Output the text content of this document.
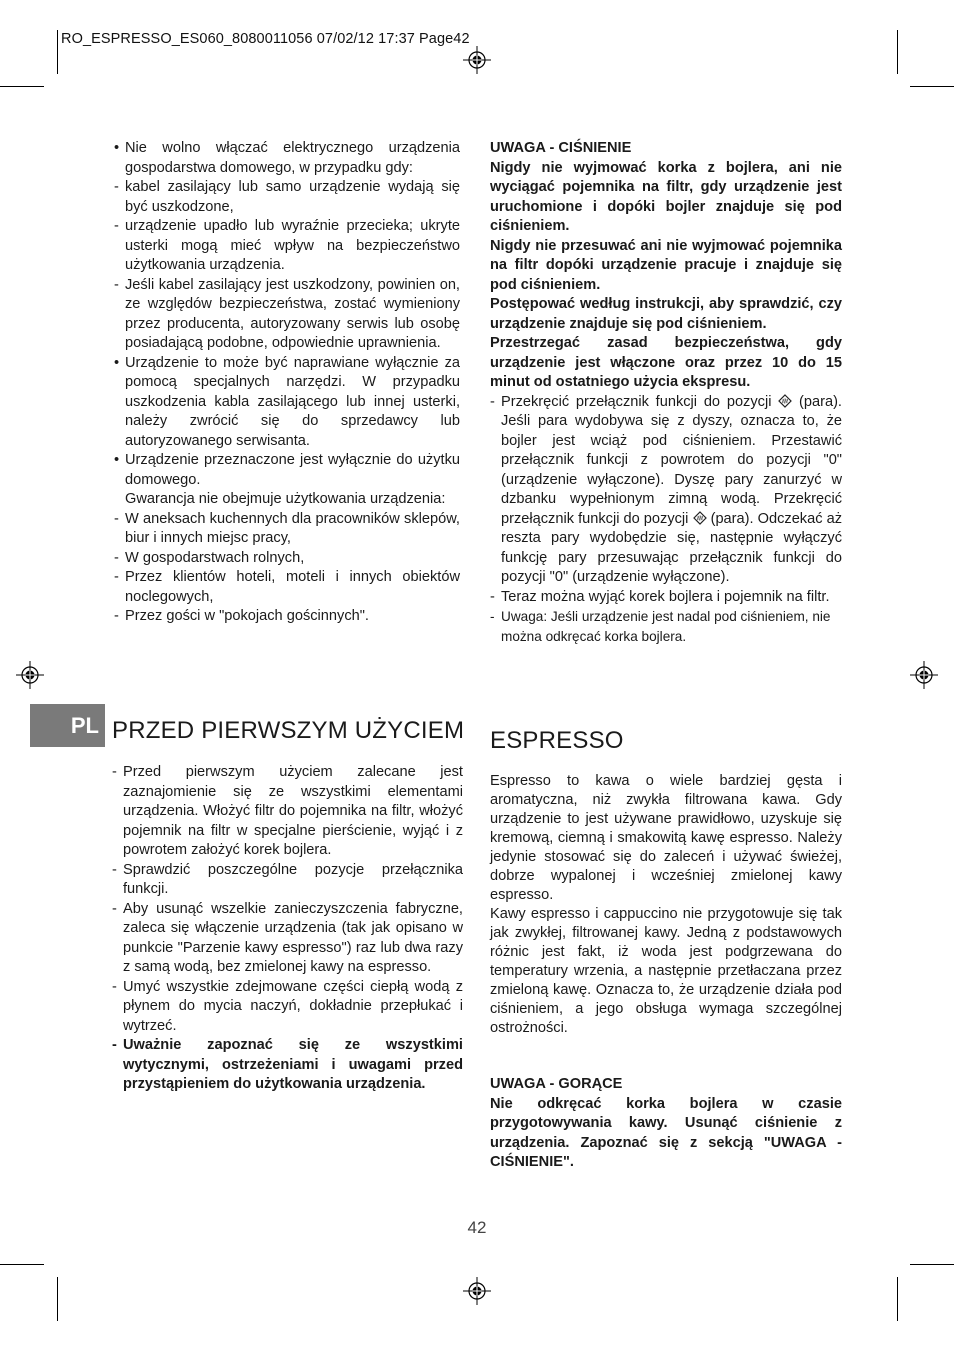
RO_ESPRESSO_ES060_8080011056 07/02/12 17:37 Page42
PL

• Nie wolno włączać elektrycznego urządzenia gospodarstwa domowego, w przypadku gdy:

- kabel zasilający lub samo urządzenie wydają się być uszkodzone,

- urządzenie upadło lub wyraźnie przecieka; ukryte usterki mogą mieć wpływ na bezpieczeństwo użytkowania urządzenia.

- Jeśli kabel zasilający jest uszkodzony, powinien on, ze względów bezpieczeństwa, zostać wymieniony przez producenta, autoryzowany serwis lub osobę posiadającą podobne, odpowiednie uprawnienia.

• Urządzenie to może być naprawiane wyłącznie za pomocą specjalnych narzędzi. W przypadku uszkodzenia kabla zasilającego lub innej usterki, należy zwrócić się do sprzedawcy lub autoryzowanego serwisanta.

• Urządzenie przeznaczone jest wyłącznie do użytku domowego.

Gwarancja nie obejmuje użytkowania urządzenia:

- W aneksach kuchennych dla pracowników sklepów, biur i innych miejsc pracy,

- W gospodarstwach rolnych,

- Przez klientów hoteli, moteli i innych obiektów noclegowych,

- Przez gości w "pokojach gościnnych".

PRZED PIERWSZYM UŻYCIEM

- Przed pierwszym użyciem zalecane jest zaznajomienie się ze wszystkimi elementami urządzenia. Włożyć filtr do pojemnika na filtr, włożyć pojemnik na filtr w specjalne pierścienie, wyjąć i z powrotem założyć korek bojlera.

- Sprawdzić poszczególne pozycje przełącznika funkcji.

- Aby usunąć wszelkie zanieczyszczenia fabryczne, zaleca się włączenie urządzenia (tak jak opisano w punkcie "Parzenie kawy espresso") raz lub dwa razy z samą wodą, bez zmielonej kawy na espresso.

- Umyć wszystkie zdejmowane części ciepłą wodą z płynem do mycia naczyń, dokładnie przepłukać i wytrzeć.

- Uważnie zapoznać się ze wszystkimi wytycznymi, ostrzeżeniami i uwagami przed przystąpieniem do użytkowania urządzenia.

UWAGA - CIŚNIENIE

Nigdy nie wyjmować korka z bojlera, ani nie wyciągać pojemnika na filtr, gdy urządzenie jest uruchomione i dopóki bojler znajduje się pod ciśnieniem.

Nigdy nie przesuwać ani nie wyjmować pojemnika na filtr dopóki urządzenie pracuje i znajduje się pod ciśnieniem.

Postępować według instrukcji, aby sprawdzić, czy urządzenie znajduje się pod ciśnieniem.

Przestrzegać zasad bezpieczeństwa, gdy urządzenie jest włączone oraz przez 10 do 15 minut od ostatniego użycia ekspresu.

- Przekręcić przełącznik funkcji do pozycji (para). Jeśli para wydobywa się z dyszy, oznacza to, że bojler jest wciąż pod ciśnieniem. Przestawić przełącznik funkcji z powrotem do pozycji "0" (urządzenie wyłączone). Dyszę pary zanurzyć w dzbanku wypełnionym zimną wodą. Przekręcić przełącznik funkcji do pozycji (para). Odczekać aż reszta pary wydobędzie się, następnie wyłączyć funkcję pary przesuwając przełącznik funkcji do pozycji "0" (urządzenie wyłączone).

- Teraz można wyjąć korek bojlera i pojemnik na filtr.

- Uwaga: Jeśli urządzenie jest nadal pod ciśnieniem, nie można odkręcać korka bojlera.

ESPRESSO

Espresso to kawa o wiele bardziej gęsta i aromatyczna, niż zwykła filtrowana kawa. Gdy urządzenie to jest używane prawidłowo, uzyskuje się kremową, ciemną i smakowitą kawę espresso. Należy jedynie stosować się do zaleceń i używać świeżej, dobrze wypalonej i wcześniej zmielonej kawy espresso.

Kawy espresso i cappuccino nie przygotowuje się tak jak zwykłej, filtrowanej kawy. Jedną z podstawowych różnic jest fakt, iż woda jest podgrzewana do temperatury wrzenia, a następnie przetłaczana przez zmieloną kawę. Oznacza to, że urządzenie działa pod ciśnieniem, a jego obsługa wymaga szczególnej ostrożności.

UWAGA - GORĄCE

Nie odkręcać korka bojlera w czasie przygotowywania kawy. Usunąć ciśnienie z urządzenia. Zapoznać się z sekcją "UWAGA - CIŚNIENIE".

42
